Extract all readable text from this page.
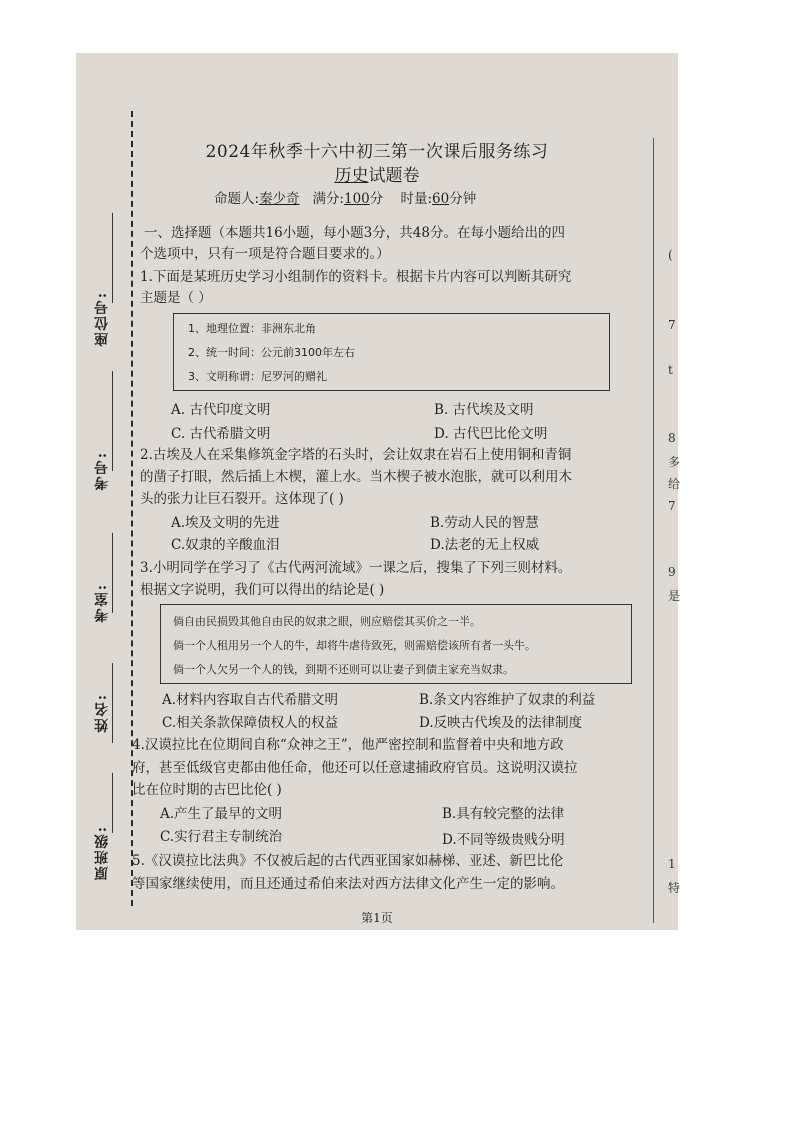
座位号:
考号:
考室:
姓名:
原班级:
(
7
t
8
多
给
7
9
是
1
特
2024年秋季十六中初三第一次课后服务练习
历史试题卷
命题人:秦少奇 满分:100分 时量:60分钟
一、选择题（本题共16小题，每小题3分，共48分。在每小题给出的四
个选项中，只有一项是符合题目要求的。）
1.下面是某班历史学习小组制作的资料卡。根据卡片内容可以判断其研究
主题是（ ）
1、地理位置：非洲东北角
2、统一时间：公元前3100年左右
3、文明称谓：尼罗河的赠礼
A. 古代印度文明	B. 古代埃及文明
C. 古代希腊文明	D. 古代巴比伦文明
2.古埃及人在采集修筑金字塔的石头时，会让奴隶在岩石上使用铜和青铜
的凿子打眼，然后插上木楔，灌上水。当木楔子被水泡胀，就可以利用木
头的张力让巨石裂开。这体现了( )
A.埃及文明的先进	B.劳动人民的智慧
C.奴隶的辛酸血泪	D.法老的无上权威
3.小明同学在学习了《古代两河流域》一课之后，搜集了下列三则材料。
根据文字说明，我们可以得出的结论是( )
倘自由民损毁其他自由民的奴隶之眼，则应赔偿其买价之一半。
倘一个人租用另一个人的牛，却将牛虐待致死，则需赔偿该所有者一头牛。
倘一个人欠另一个人的钱，到期不还则可以让妻子到债主家充当奴隶。
A.材料内容取自古代希腊文明	B.条文内容维护了奴隶的利益
C.相关条款保障债权人的权益	D.反映古代埃及的法律制度
4.汉谟拉比在位期间自称“众神之王”，他严密控制和监督着中央和地方政
府，甚至低级官吏都由他任命，他还可以任意逮捕政府官员。这说明汉谟拉
比在位时期的古巴比伦( )
A.产生了最早的文明	B.具有较完整的法律
C.实行君主专制统治	D.不同等级贵贱分明
5.《汉谟拉比法典》不仅被后起的古代西亚国家如赫梯、亚述、新巴比伦
等国家继续使用，而且还通过希伯来法对西方法律文化产生一定的影响。
第1页
